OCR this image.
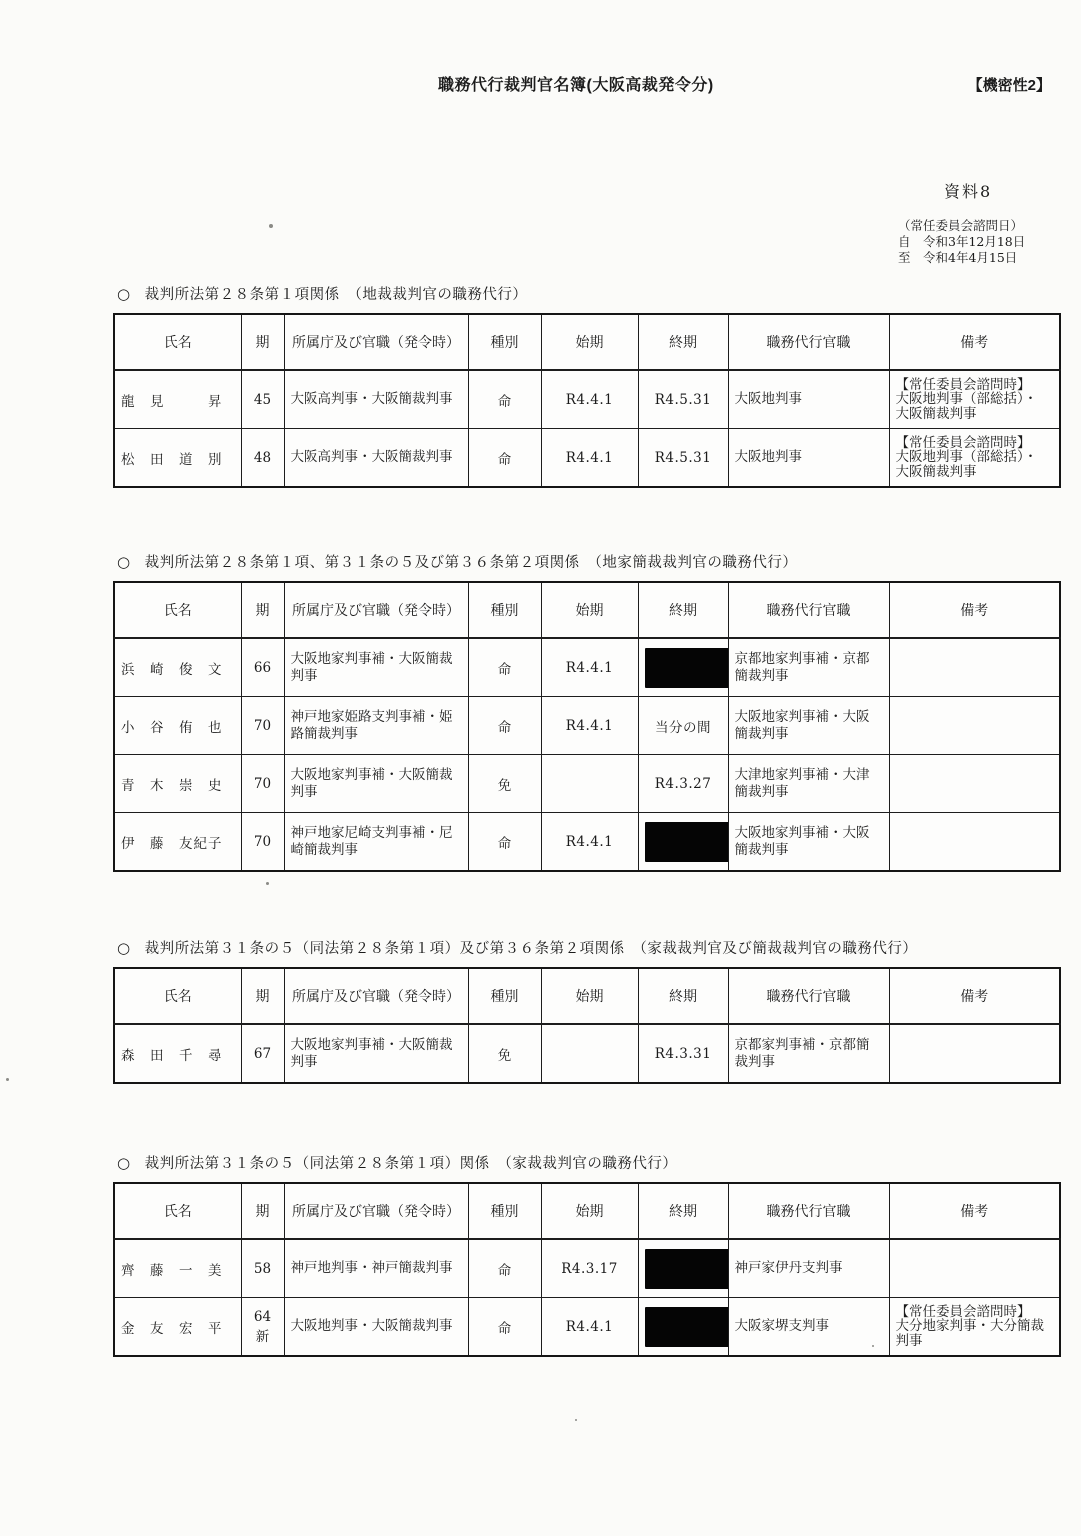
職務代行裁判官名簿(大阪高裁発令分)	【機密性2】
資料8
（常任委員会諮問日）
自　令和3年12月18日
至　令和4年4月15日
○ 裁判所法第２８条第１項関係　（地裁裁判官の職務代行）
氏名	期	所属庁及び官職（発令時）	種別	始期	終期	職務代行官職	備考
龍　見　　　昇	45	大阪高判事・大阪簡裁判事	命	R4.4.1	R4.5.31	大阪地判事	【常任委員会諮問時】
大阪地判事（部総括）・
大阪簡裁判事
松　田　道　別	48	大阪高判事・大阪簡裁判事	命	R4.4.1	R4.5.31	大阪地判事	【常任委員会諮問時】
大阪地判事（部総括）・
大阪簡裁判事
○ 裁判所法第２８条第１項、第３１条の５及び第３６条第２項関係　（地家簡裁裁判官の職務代行）
氏名	期	所属庁及び官職（発令時）	種別	始期	終期	職務代行官職	備考
浜　崎　俊　文	66	大阪地家判事補・大阪簡裁判事	命	R4.4.1		京都地家判事補・京都簡裁判事	
小　谷　侑　也	70	神戸地家姫路支判事補・姫路簡裁判事	命	R4.4.1	当分の間	大阪地家判事補・大阪簡裁判事	
青　木　崇　史	70	大阪地家判事補・大阪簡裁判事	免		R4.3.27	大津地家判事補・大津簡裁判事	
伊　藤　友紀子	70	神戸地家尼崎支判事補・尼崎簡裁判事	命	R4.4.1		大阪地家判事補・大阪簡裁判事	
○ 裁判所法第３１条の５（同法第２８条第１項）及び第３６条第２項関係　（家裁裁判官及び簡裁裁判官の職務代行）
氏名	期	所属庁及び官職（発令時）	種別	始期	終期	職務代行官職	備考
森　田　千　尋	67	大阪地家判事補・大阪簡裁判事	免		R4.3.31	京都家判事補・京都簡裁判事	
○ 裁判所法第３１条の５（同法第２８条第１項）関係　（家裁裁判官の職務代行）
氏名	期	所属庁及び官職（発令時）	種別	始期	終期	職務代行官職	備考
齊　藤　一　美	58	神戸地判事・神戸簡裁判事	命	R4.3.17		神戸家伊丹支判事	
金　友　宏　平	64新	大阪地判事・大阪簡裁判事	命	R4.4.1		大阪家堺支判事	【常任委員会諮問時】
大分地家判事・大分簡裁判事
